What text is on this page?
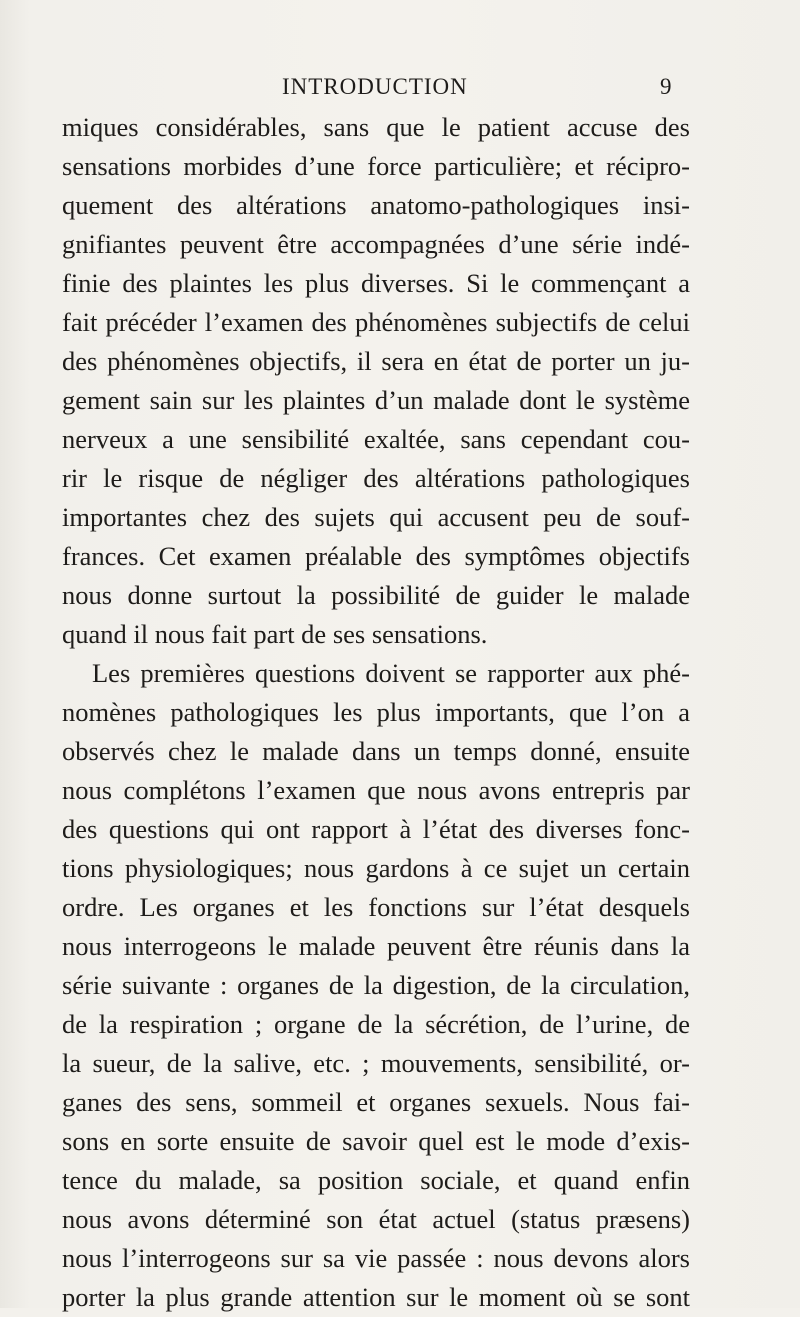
INTRODUCTION	9
miques considérables, sans que le patient accuse des
sensations morbides d’une force particulière; et récipro-
quement des altérations anatomo-pathologiques insi-
gnifiantes peuvent être accompagnées d’une série indé-
finie des plaintes les plus diverses. Si le commençant a
fait précéder l’examen des phénomènes subjectifs de celui
des phénomènes objectifs, il sera en état de porter un ju-
gement sain sur les plaintes d’un malade dont le système
nerveux a une sensibilité exaltée, sans cependant cou-
rir le risque de négliger des altérations pathologiques
importantes chez des sujets qui accusent peu de souf-
frances. Cet examen préalable des symptômes objectifs
nous donne surtout la possibilité de guider le malade
quand il nous fait part de ses sensations.
Les premières questions doivent se rapporter aux phé-
nomènes pathologiques les plus importants, que l’on a
observés chez le malade dans un temps donné, ensuite
nous complétons l’examen que nous avons entrepris par
des questions qui ont rapport à l’état des diverses fonc-
tions physiologiques; nous gardons à ce sujet un certain
ordre. Les organes et les fonctions sur l’état desquels
nous interrogeons le malade peuvent être réunis dans la
série suivante : organes de la digestion, de la circulation,
de la respiration ; organe de la sécrétion, de l’urine, de
la sueur, de la salive, etc. ; mouvements, sensibilité, or-
ganes des sens, sommeil et organes sexuels. Nous fai-
sons en sorte ensuite de savoir quel est le mode d’exis-
tence du malade, sa position sociale, et quand enfin
nous avons déterminé son état actuel (status præsens)
nous l’interrogeons sur sa vie passée : nous devons alors
porter la plus grande attention sur le moment où se sont
